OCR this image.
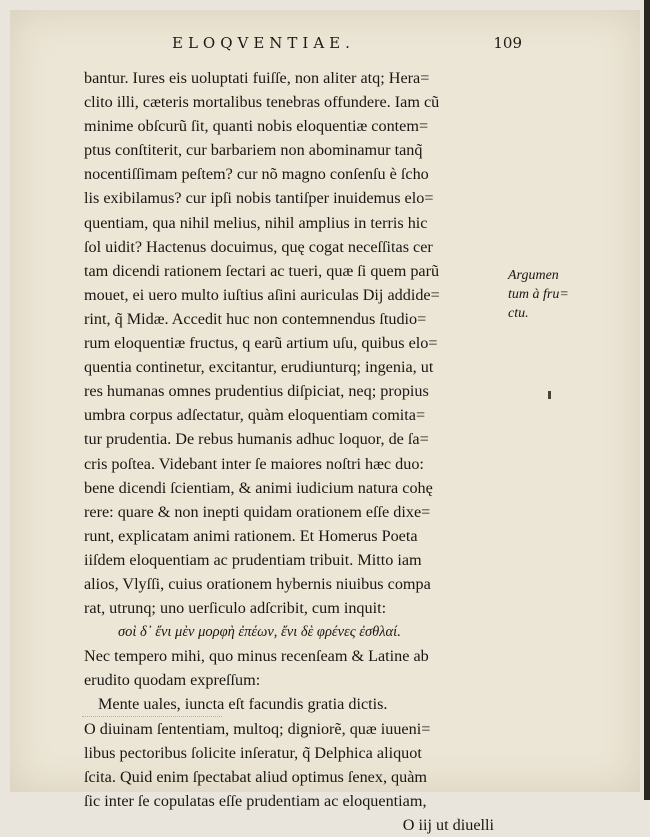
ELOQVENTIAE.	109
bantur. Iures eis uoluptati fuiſſe, non aliter atq; Hera=
clito illi, cæteris mortalibus tenebras offundere. Iam cũ
minime obſcurũ ſit, quanti nobis eloquentiæ contem=
ptus conſtiterit, cur barbariem non abominamur tanq̃
nocentiſſimam peſtem? cur nõ magno conſenſu è ſcho
lis exibilamus? cur ipſi nobis tantiſper inuidemus elo=
quentiam, qua nihil melius, nihil amplius in terris hic
ſol uidit? Hactenus docuimus, quę cogat neceſſitas cer
tam dicendi rationem ſectari ac tueri, quæ ſi quem parũ
mouet, ei uero multo iuſtius aſini auriculas Dij addide=
rint, q̃ Midæ. Accedit huc non contemnendus ſtudio=
rum eloquentiæ fructus, q earũ artium uſu, quibus elo=
quentia continetur, excitantur, erudiunturq; ingenia, ut
res humanas omnes prudentius diſpiciat, neq; propius
umbra corpus adſectatur, quàm eloquentiam comita=
tur prudentia. De rebus humanis adhuc loquor, de ſa=
cris poſtea. Videbant inter ſe maiores noſtri hæc duo:
bene dicendi ſcientiam, & animi iudicium natura cohę
rere: quare & non inepti quidam orationem eſſe dixe=
runt, explicatam animi rationem. Et Homerus Poeta
iiſdem eloquentiam ac prudentiam tribuit. Mitto iam
alios, Vlyſſi, cuius orationem hybernis niuibus compa
rat, utrunq; uno uerſiculo adſcribit, cum inquit:
σοὶ δ᾽ ἔνι μὲν μορφὴ ἐπέων, ἔνι δὲ φρένες ἐσθλαί.
Nec tempero mihi, quo minus recenſeam & Latine ab
erudito quodam expreſſum:
Mente uales, iuncta eſt facundis gratia dictis.
O diuinam ſententiam, multoq; digniorẽ, quæ iuueni=
libus pectoribus ſolicite inſeratur, q̃ Delphica aliquot
ſcita. Quid enim ſpectabat aliud optimus ſenex, quàm
ſic inter ſe copulatas eſſe prudentiam ac eloquentiam,
O iij ut diuelli
Argumen
tum à fru=
ctu.
